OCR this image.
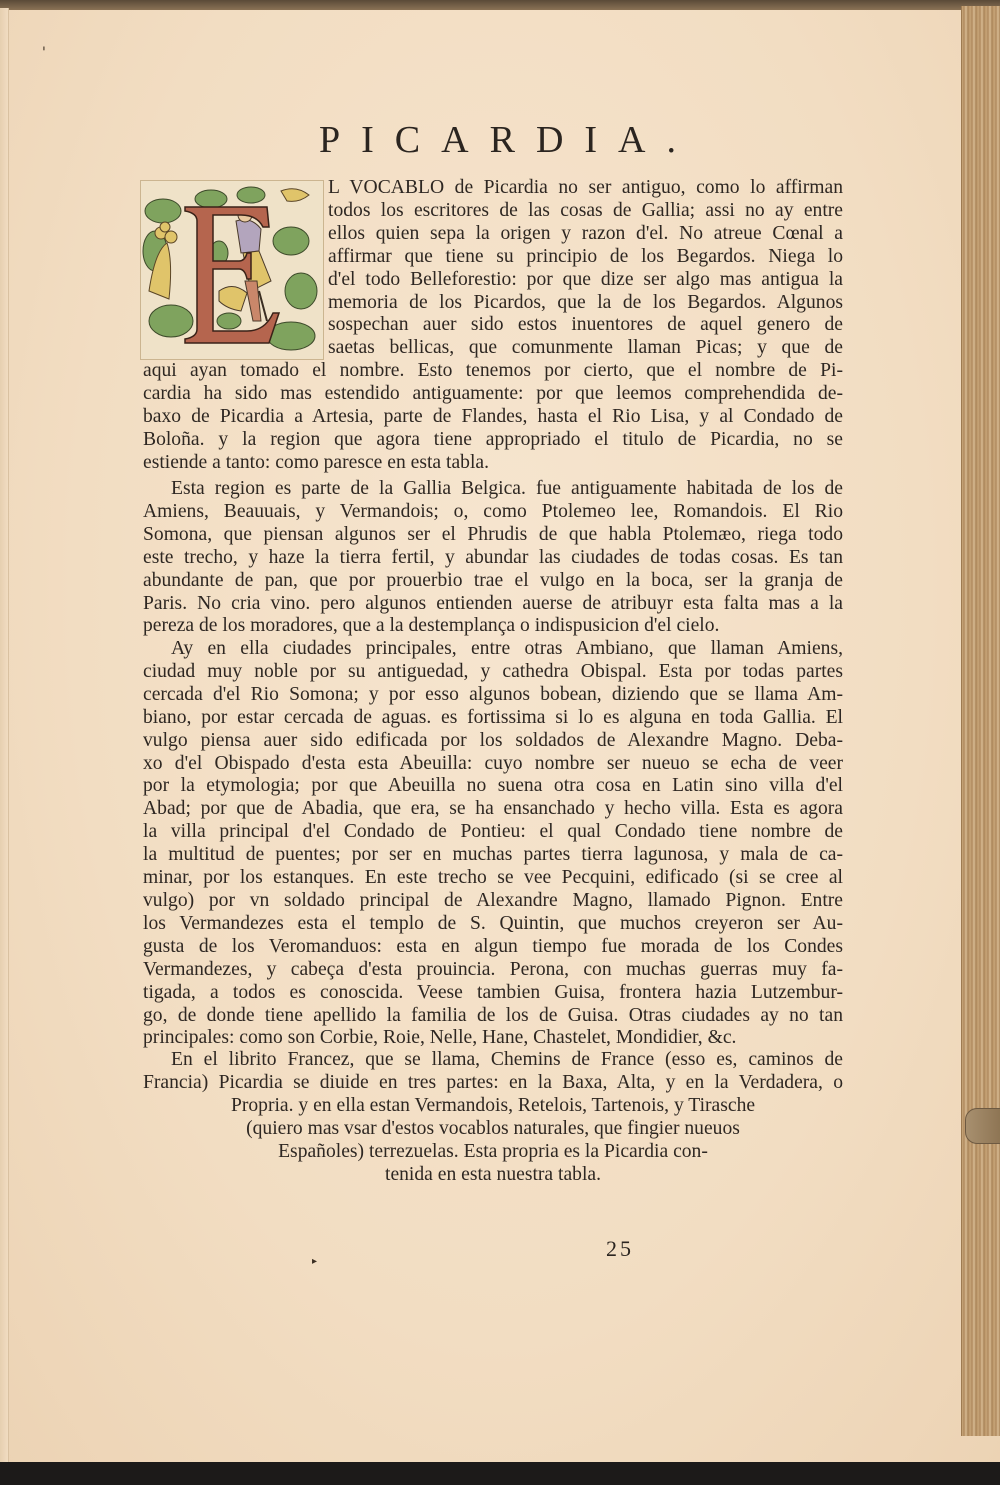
'
▸
PICARDIA.
L VOCABLO de Picardia no ser antiguo, como lo affirman
todos los escritores de las cosas de Gallia; assi no ay entre
ellos quien sepa la origen y razon d'el. No atreue Cœnal a
affirmar que tiene su principio de los Begardos. Niega lo
d'el todo Belleforestio: por que dize ser algo mas antigua la
memoria de los Picardos, que la de los Begardos. Algunos
sospechan auer sido estos inuentores de aquel genero de
saetas bellicas, que comunmente llaman Picas; y que de
aqui ayan tomado el nombre. Esto tenemos por cierto, que el nombre de Pi-
cardia ha sido mas estendido antiguamente: por que leemos comprehendida de-
baxo de Picardia a Artesia, parte de Flandes, hasta el Rio Lisa, y al Condado de
Boloña. y la region que agora tiene appropriado el titulo de Picardia, no se
estiende a tanto: como paresce en esta tabla.
Esta region es parte de la Gallia Belgica. fue antiguamente habitada de los de
Amiens, Beauuais, y Vermandois; o, como Ptolemeo lee, Romandois. El Rio
Somona, que piensan algunos ser el Phrudis de que habla Ptolemæo, riega todo
este trecho, y haze la tierra fertil, y abundar las ciudades de todas cosas. Es tan
abundante de pan, que por prouerbio trae el vulgo en la boca, ser la granja de
Paris. No cria vino. pero algunos entienden auerse de atribuyr esta falta mas a la
pereza de los moradores, que a la destemplança o indispusicion d'el cielo.
Ay en ella ciudades principales, entre otras Ambiano, que llaman Amiens,
ciudad muy noble por su antiguedad, y cathedra Obispal. Esta por todas partes
cercada d'el Rio Somona; y por esso algunos bobean, diziendo que se llama Am-
biano, por estar cercada de aguas. es fortissima si lo es alguna en toda Gallia. El
vulgo piensa auer sido edificada por los soldados de Alexandre Magno. Deba-
xo d'el Obispado d'esta esta Abeuilla: cuyo nombre ser nueuo se echa de veer
por la etymologia; por que Abeuilla no suena otra cosa en Latin sino villa d'el
Abad; por que de Abadia, que era, se ha ensanchado y hecho villa. Esta es agora
la villa principal d'el Condado de Pontieu: el qual Condado tiene nombre de
la multitud de puentes; por ser en muchas partes tierra lagunosa, y mala de ca-
minar, por los estanques. En este trecho se vee Pecquini, edificado (si se cree al
vulgo) por vn soldado principal de Alexandre Magno, llamado Pignon. Entre
los Vermandezes esta el templo de S. Quintin, que muchos creyeron ser Au-
gusta de los Veromanduos: esta en algun tiempo fue morada de los Condes
Vermandezes, y cabeça d'esta prouincia. Perona, con muchas guerras muy fa-
tigada, a todos es conoscida. Veese tambien Guisa, frontera hazia Lutzembur-
go, de donde tiene apellido la familia de los de Guisa. Otras ciudades ay no tan
principales: como son Corbie, Roie, Nelle, Hane, Chastelet, Mondidier, &c.
En el librito Francez, que se llama, Chemins de France (esso es, caminos de
Francia) Picardia se diuide en tres partes: en la Baxa, Alta, y en la Verdadera, o
Propria. y en ella estan Vermandois, Retelois, Tartenois, y Tirasche
(quiero mas vsar d'estos vocablos naturales, que fingier nueuos
Españoles) terrezuelas. Esta propria es la Picardia con-
tenida en esta nuestra tabla.
25
